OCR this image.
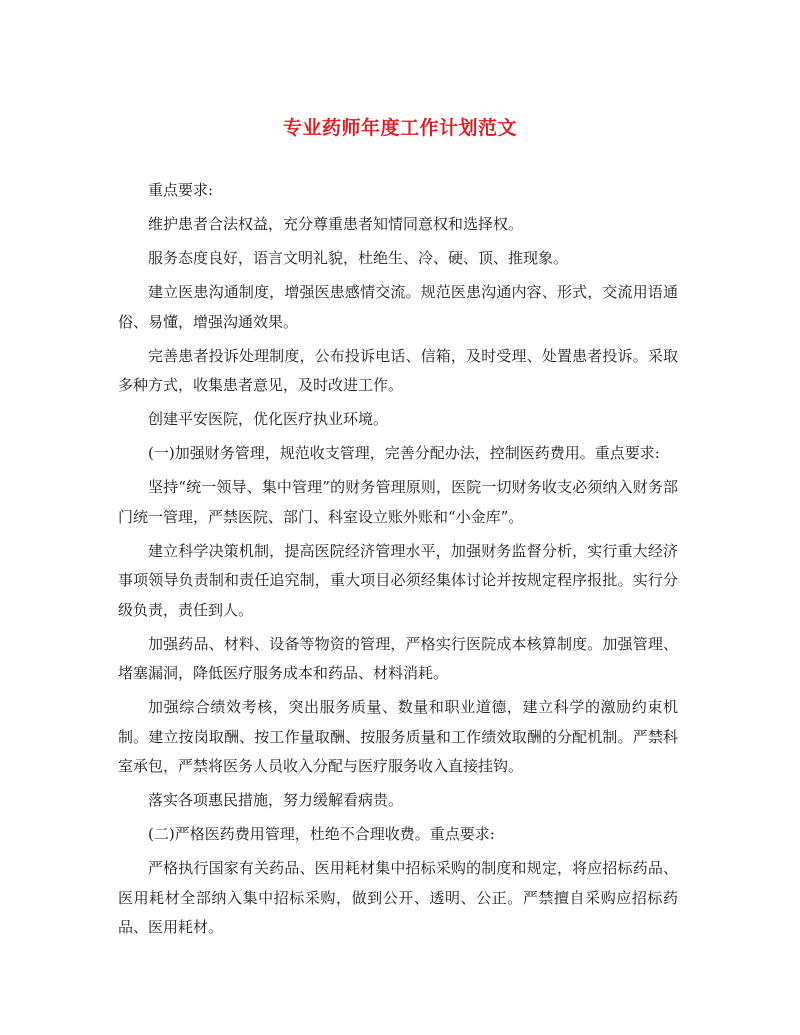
专业药师年度工作计划范文

重点要求:

维护患者合法权益，充分尊重患者知情同意权和选择权。

服务态度良好，语言文明礼貌，杜绝生、冷、硬、顶、推现象。

建立医患沟通制度，增强医患感情交流。规范医患沟通内容、形式，交流用语通俗、易懂，增强沟通效果。

完善患者投诉处理制度，公布投诉电话、信箱，及时受理、处置患者投诉。采取多种方式，收集患者意见，及时改进工作。

创建平安医院，优化医疗执业环境。

(一)加强财务管理，规范收支管理，完善分配办法，控制医药费用。重点要求:

坚持“统一领导、集中管理”的财务管理原则，医院一切财务收支必须纳入财务部门统一管理，严禁医院、部门、科室设立账外账和“小金库”。

建立科学决策机制，提高医院经济管理水平，加强财务监督分析，实行重大经济事项领导负责制和责任追究制，重大项目必须经集体讨论并按规定程序报批。实行分级负责，责任到人。

加强药品、材料、设备等物资的管理，严格实行医院成本核算制度。加强管理、堵塞漏洞，降低医疗服务成本和药品、材料消耗。

加强综合绩效考核，突出服务质量、数量和职业道德，建立科学的激励约束机制。建立按岗取酬、按工作量取酬、按服务质量和工作绩效取酬的分配机制。严禁科室承包，严禁将医务人员收入分配与医疗服务收入直接挂钩。

落实各项惠民措施，努力缓解看病贵。

(二)严格医药费用管理，杜绝不合理收费。重点要求:

严格执行国家有关药品、医用耗材集中招标采购的制度和规定，将应招标药品、医用耗材全部纳入集中招标采购，做到公开、透明、公正。严禁擅自采购应招标药品、医用耗材。
